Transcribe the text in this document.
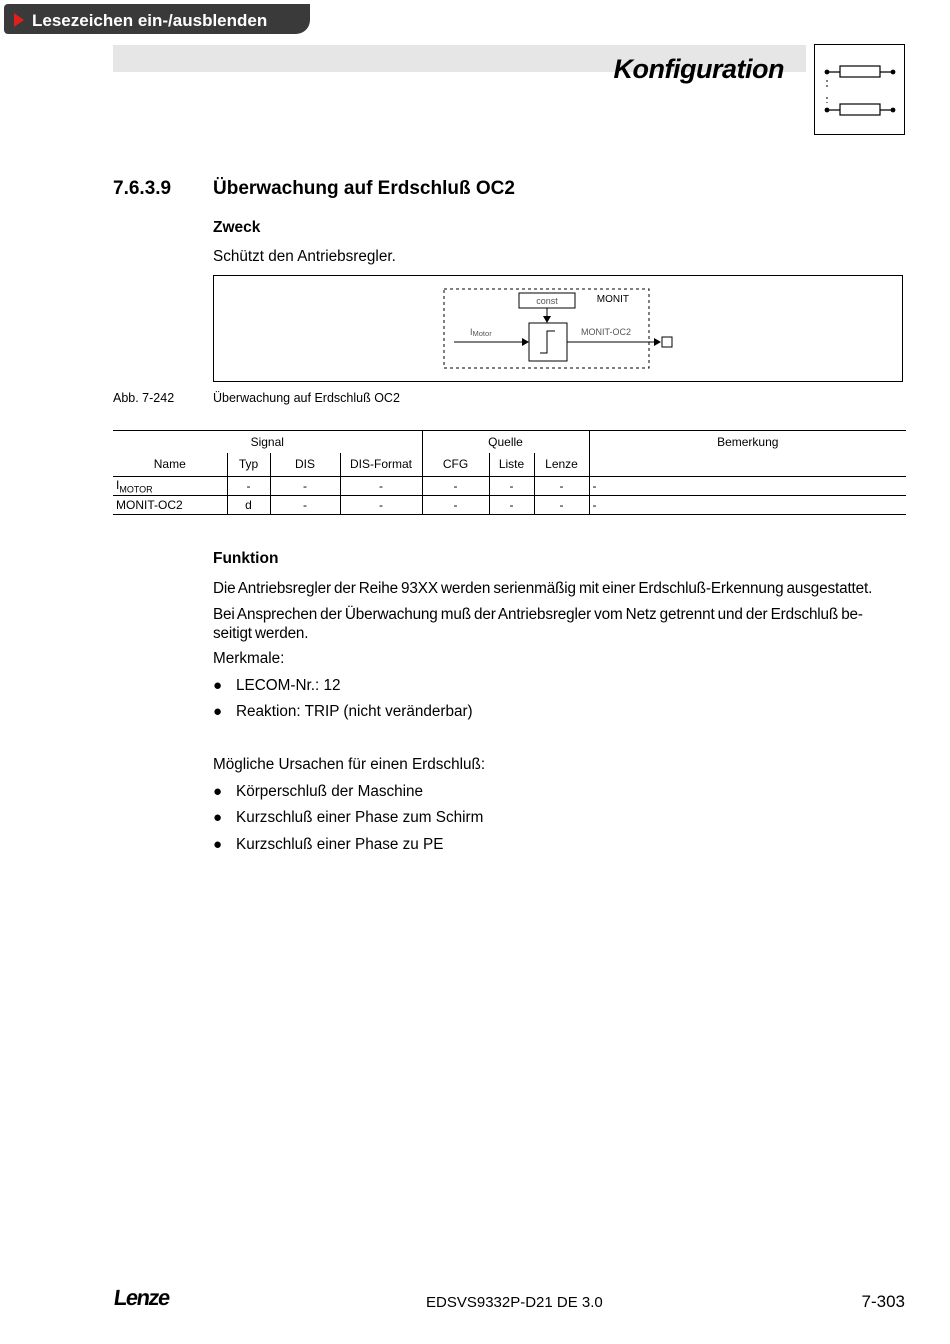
Lesezeichen ein-/ausblenden
Konfiguration
7.6.3.9 Überwachung auf Erdschluß OC2
Zweck
Schützt den Antriebsregler.
MONIT
const
IMotor	MONIT-OC2
Abb. 7-242	Überwachung auf Erdschluß OC2
Signal				Quelle			Bemerkung
Name	Typ	DIS	DIS-Format	CFG	Liste	Lenze	
$I_{MOTOR}$	-	-	-	-	-	-	-
MONIT-OC2	d	-	-	-	-	-	-
Funktion
Die Antriebsregler der Reihe 93XX werden serienmäßig mit einer Erdschluß-Erkennung ausgestattet.
Bei Ansprechen der Überwachung muß der Antriebsregler vom Netz getrennt und der Erdschluß be-
seitigt werden.
Merkmale:
● LECOM-Nr.: 12
● Reaktion: TRIP (nicht veränderbar)
Mögliche Ursachen für einen Erdschluß:
● Körperschluß der Maschine
● Kurzschluß einer Phase zum Schirm
● Kurzschluß einer Phase zu PE
Lenze	EDSVS9332P-D21 DE 3.0	7-303
